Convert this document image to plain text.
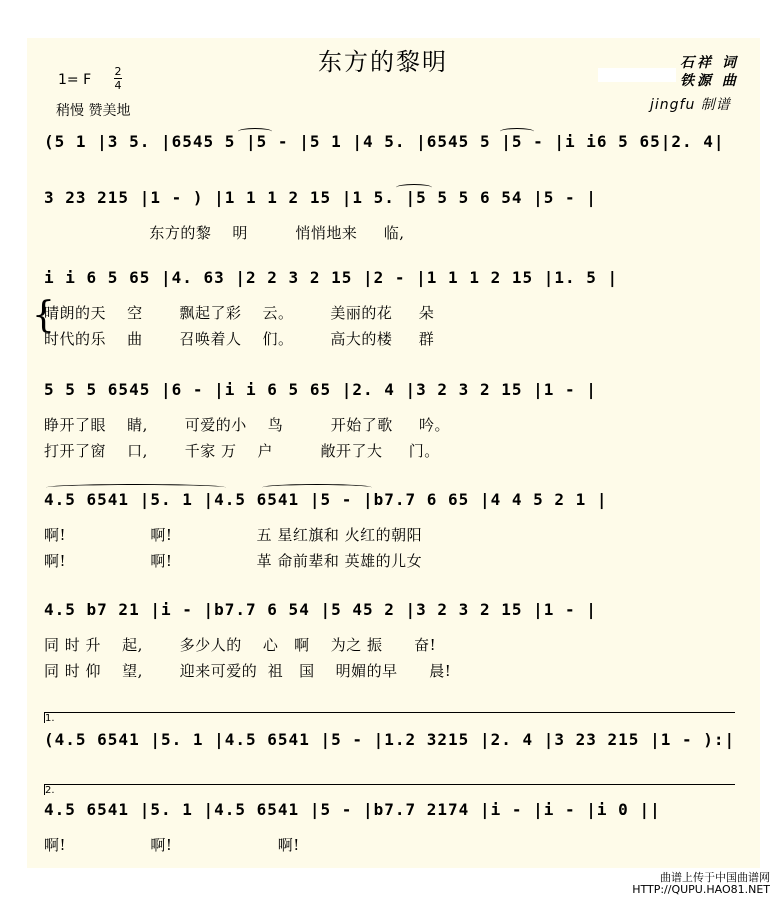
东方的黎明	石祥 词
铁源 曲
jingfu 制谱
1= F
2
4
稍慢 赞美地
(5 1 |3 5. |6545 5 |5 - |5 1 |4 5. |6545 5 |5 - |i i6 5 65|2. 4|
3 23 215 |1 - ) |1 1 1 2 15 |1 5. |5 5 5 6 54 |5 - |
东方的黎    明         悄悄地来     临,
i i 6 5 65 |4. 63 |2 2 3 2 15 |2 - |1 1 1 2 15 |1. 5 |
{
晴朗的天    空       飘起了彩    云。       美丽的花     朵
时代的乐    曲       召唤着人    们。       高大的楼     群
5 5 5 6545 |6 - |i i 6 5 65 |2. 4 |3 2 3 2 15 |1 - |
睁开了眼    睛,       可爱的小    鸟         开始了歌     吟。
打开了窗    口,       千家 万    户         敞开了大     门。
4.5 6541 |5. 1 |4.5 6541 |5 - |b7.7 6 65 |4 4 5 2 1 |
啊!                啊!                五 星红旗和 火红的朝阳
啊!                啊!                革 命前辈和 英雄的儿女
4.5 b7 21 |i - |b7.7 6 54 |5 45 2 |3 2 3 2 15 |1 - |
同 时 升    起,       多少人的    心   啊    为之 振      奋!
同 时 仰    望,       迎来可爱的  祖   国    明媚的早      晨!
1.
(4.5 6541 |5. 1 |4.5 6541 |5 - |1.2 3215 |2. 4 |3 23 215 |1 - ):|
2.
4.5 6541 |5. 1 |4.5 6541 |5 - |b7.7 2174 |i - |i - |i 0 ||
啊!                啊!                    啊!
曲谱上传于中国曲谱网
HTTP://QUPU.HAO81.NET
